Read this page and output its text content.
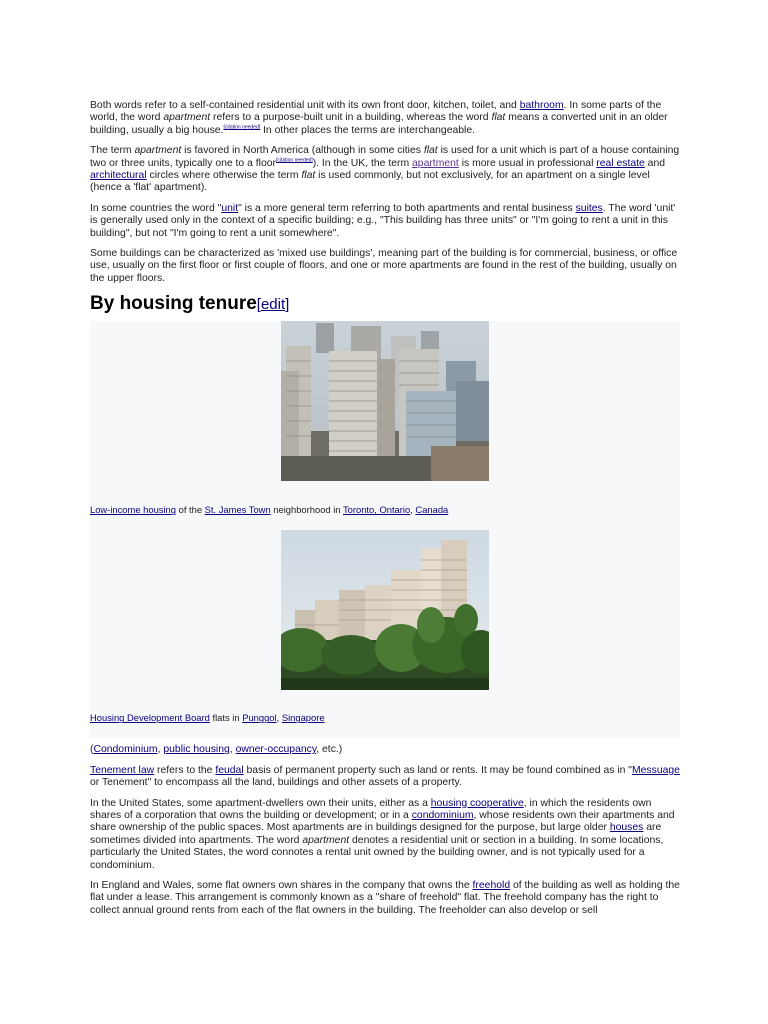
Both words refer to a self-contained residential unit with its own front door, kitchen, toilet, and bathroom. In some parts of the world, the word apartment refers to a purpose-built unit in a building, whereas the word flat means a converted unit in an older building, usually a big house.[citation needed] In other places the terms are interchangeable.

The term apartment is favored in North America (although in some cities flat is used for a unit which is part of a house containing two or three units, typically one to a floor[citation needed]). In the UK, the term apartment is more usual in professional real estate and architectural circles where otherwise the term flat is used commonly, but not exclusively, for an apartment on a single level (hence a 'flat' apartment).

In some countries the word "unit" is a more general term referring to both apartments and rental business suites. The word 'unit' is generally used only in the context of a specific building; e.g., "This building has three units" or "I'm going to rent a unit in this building", but not "I'm going to rent a unit somewhere".

Some buildings can be characterized as 'mixed use buildings', meaning part of the building is for commercial, business, or office use, usually on the first floor or first couple of floors, and one or more apartments are found in the rest of the building, usually on the upper floors.

By housing tenure[edit]
Low-income housing of the St. James Town neighborhood in Toronto, Ontario, Canada
Housing Development Board flats in Punggol, Singapore

(Condominium, public housing, owner-occupancy, etc.)

Tenement law refers to the feudal basis of permanent property such as land or rents. It may be found combined as in "Messuage or Tenement" to encompass all the land, buildings and other assets of a property.

In the United States, some apartment-dwellers own their units, either as a housing cooperative, in which the residents own shares of a corporation that owns the building or development; or in a condominium, whose residents own their apartments and share ownership of the public spaces. Most apartments are in buildings designed for the purpose, but large older houses are sometimes divided into apartments. The word apartment denotes a residential unit or section in a building. In some locations, particularly the United States, the word connotes a rental unit owned by the building owner, and is not typically used for a condominium.

In England and Wales, some flat owners own shares in the company that owns the freehold of the building as well as holding the flat under a lease. This arrangement is commonly known as a "share of freehold" flat. The freehold company has the right to collect annual ground rents from each of the flat owners in the building. The freeholder can also develop or sell
